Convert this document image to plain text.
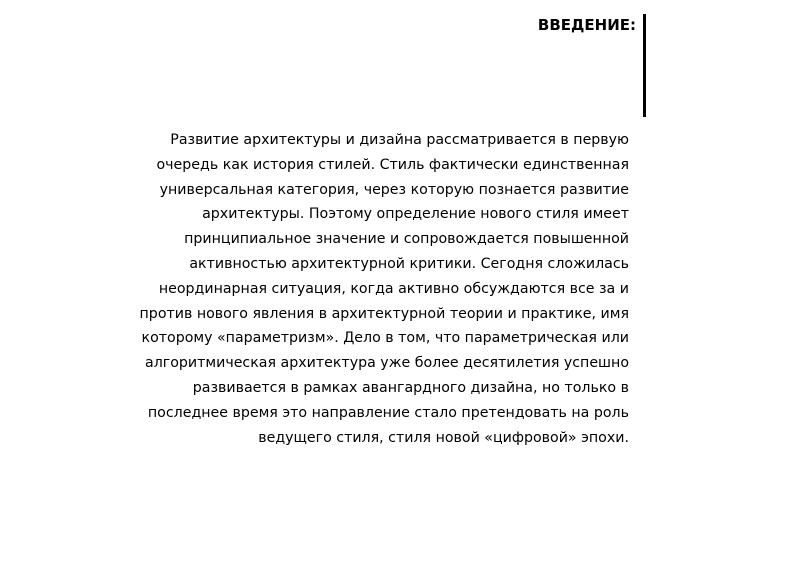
ВВЕДЕНИЕ:
Развитие архитектуры и дизайна рассматривается в первую
очередь как история стилей. Стиль фактически единственная
универсальная категория, через которую познается развитие
архитектуры. Поэтому определение нового стиля имеет
принципиальное значение и сопровождается повышенной
активностью архитектурной критики. Сегодня сложилась
неординарная ситуация, когда активно обсуждаются все за и
против нового явления в архитектурной теории и практике, имя
которому «параметризм». Дело в том, что параметрическая или
алгоритмическая архитектура уже более десятилетия успешно
развивается в рамках авангардного дизайна, но только в
последнее время это направление стало претендовать на роль
ведущего стиля, стиля новой «цифровой» эпохи.
